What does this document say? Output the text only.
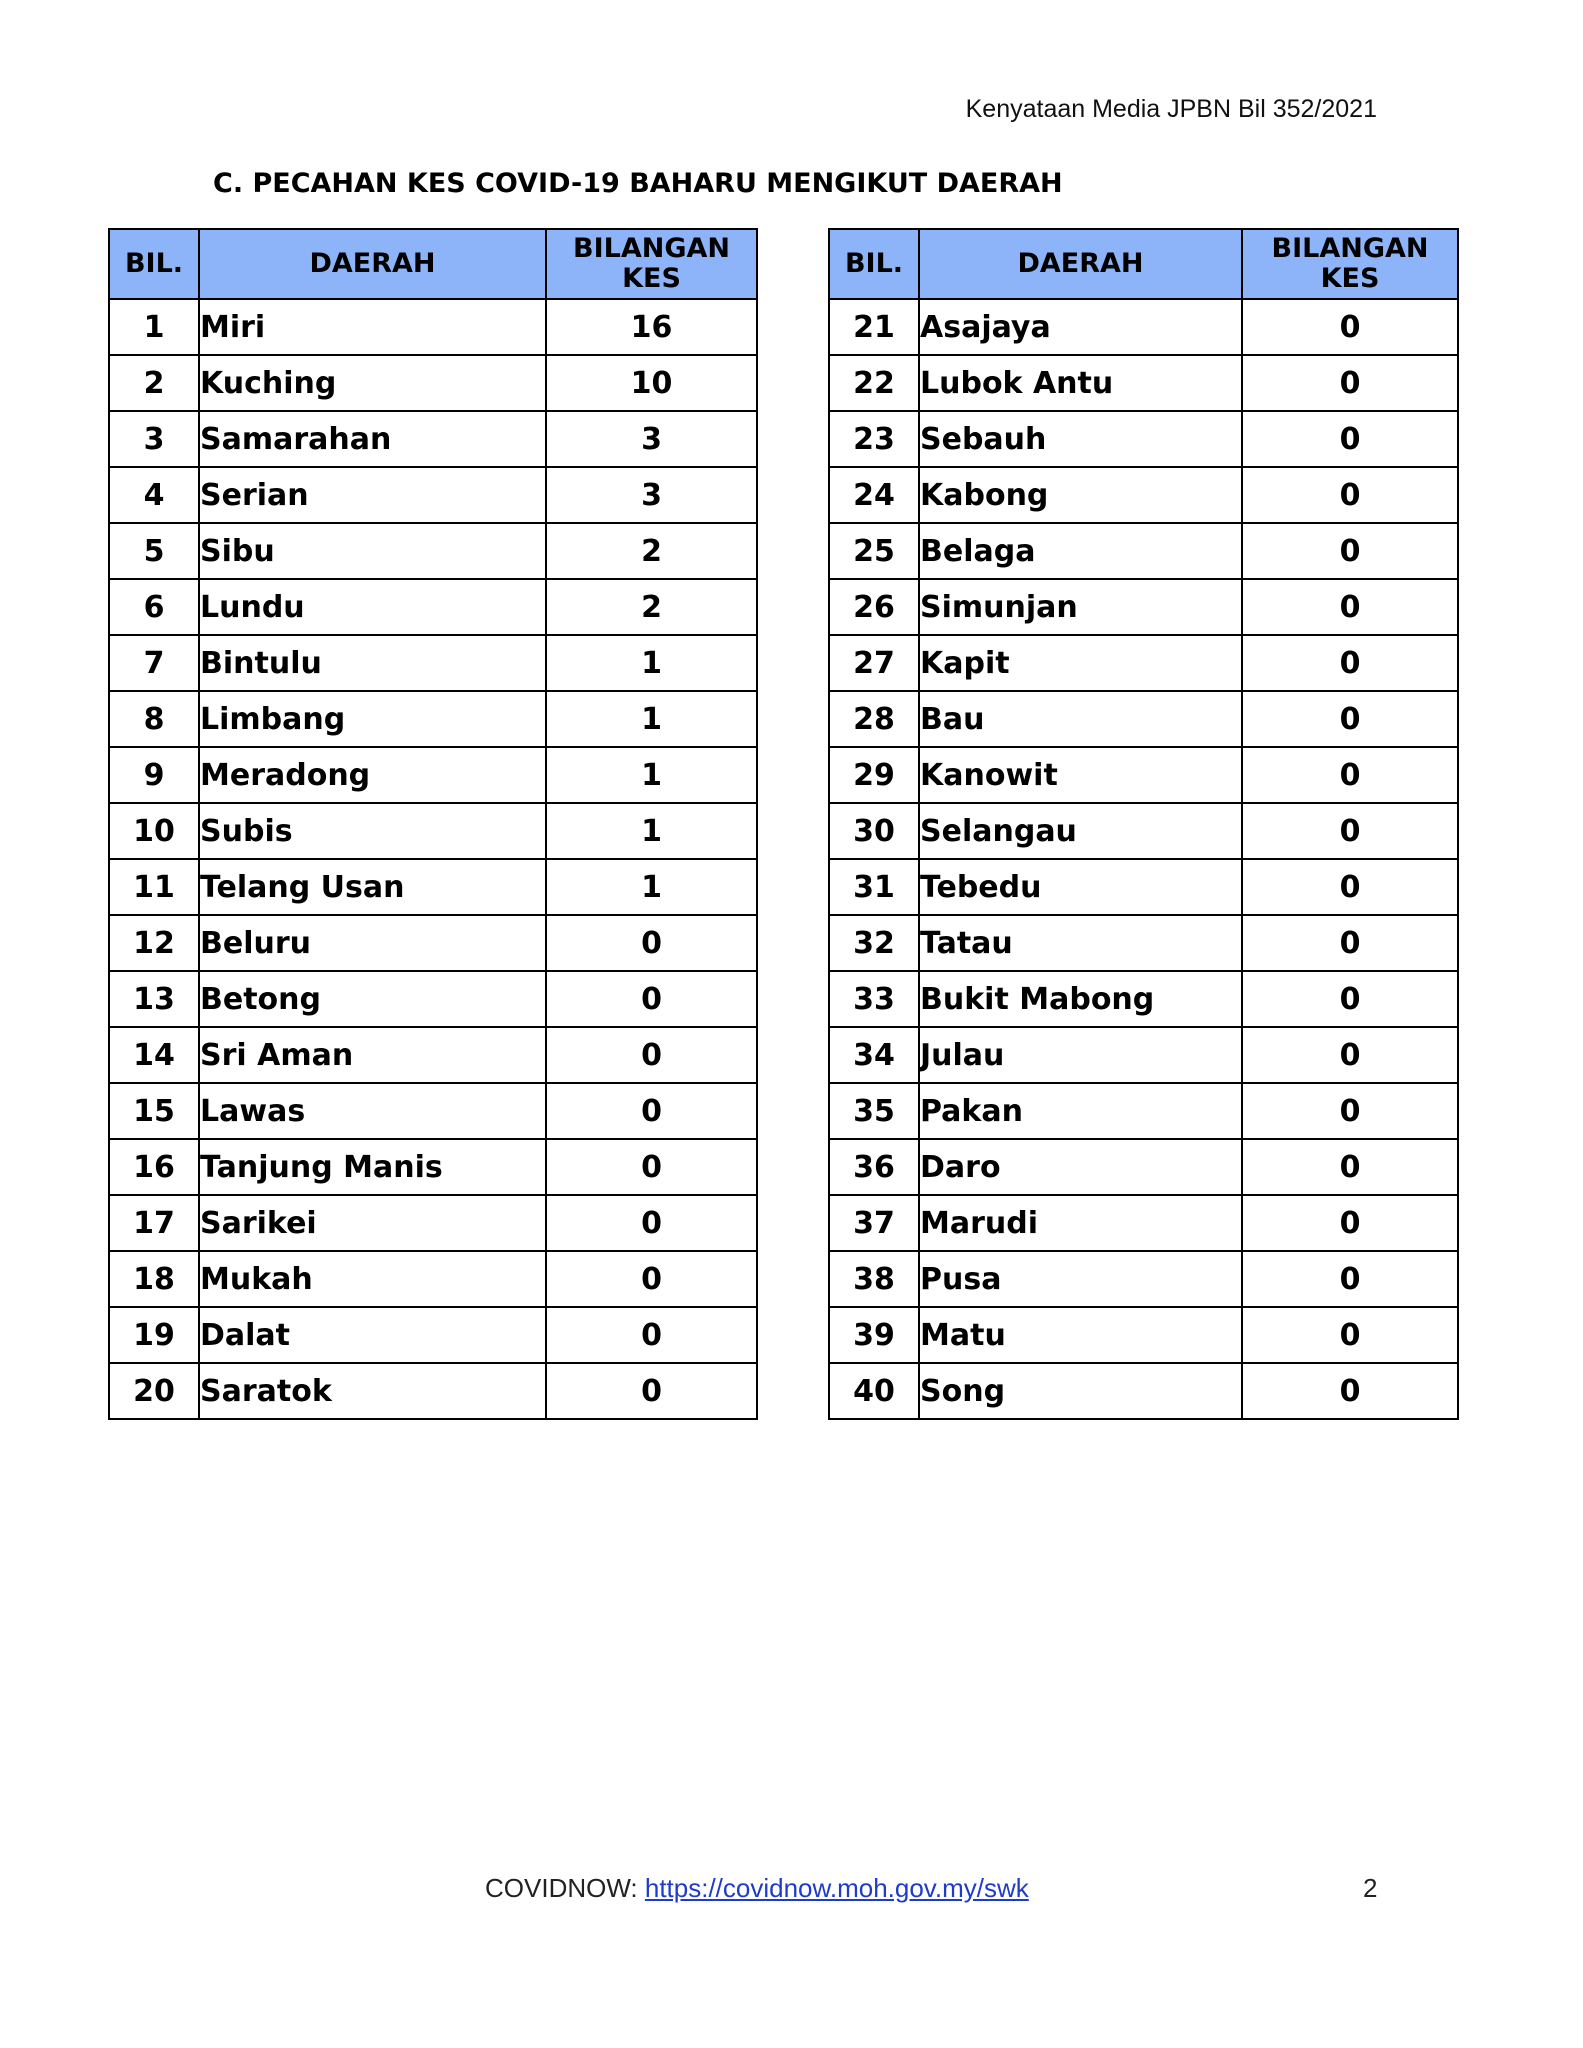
Kenyataan Media JPBN Bil 352/2021
C. PECAHAN KES COVID-19 BAHARU MENGIKUT DAERAH
BIL.	DAERAH	BILANGAN
KES
1	Miri	16
2	Kuching	10
3	Samarahan	3
4	Serian	3
5	Sibu	2
6	Lundu	2
7	Bintulu	1
8	Limbang	1
9	Meradong	1
10	Subis	1
11	Telang Usan	1
12	Beluru	0
13	Betong	0
14	Sri Aman	0
15	Lawas	0
16	Tanjung Manis	0
17	Sarikei	0
18	Mukah	0
19	Dalat	0
20	Saratok	0
BIL.	DAERAH	BILANGAN
KES
21	Asajaya	0
22	Lubok Antu	0
23	Sebauh	0
24	Kabong	0
25	Belaga	0
26	Simunjan	0
27	Kapit	0
28	Bau	0
29	Kanowit	0
30	Selangau	0
31	Tebedu	0
32	Tatau	0
33	Bukit Mabong	0
34	Julau	0
35	Pakan	0
36	Daro	0
37	Marudi	0
38	Pusa	0
39	Matu	0
40	Song	0
COVIDNOW: https://covidnow.moh.gov.my/swk	2
